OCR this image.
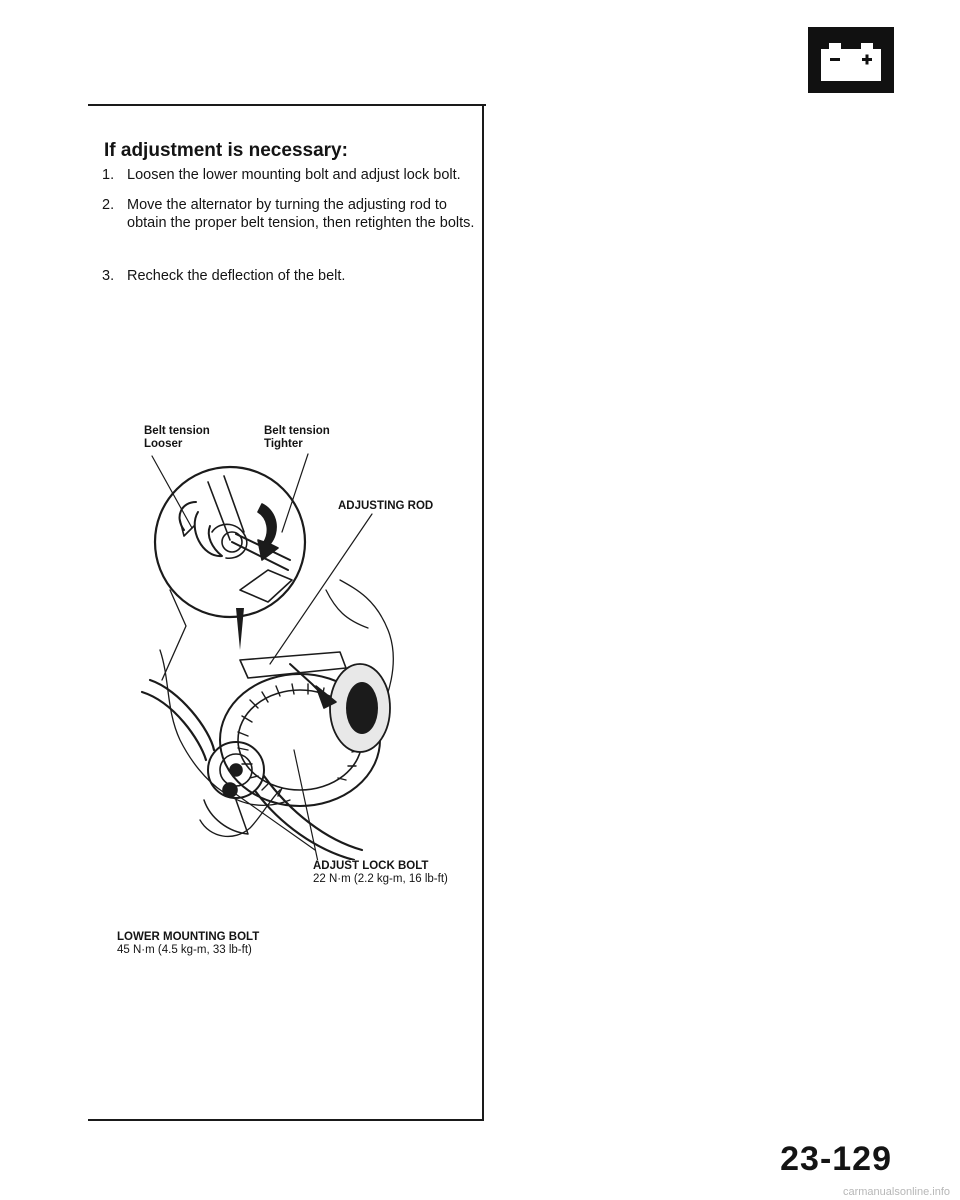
If adjustment is necessary:
1. Loosen the lower mounting bolt and adjust lock bolt.
2. Move the alternator by turning the adjusting rod to obtain the proper belt tension, then retighten the bolts.
3. Recheck the deflection of the belt.
Belt tension
Looser
Belt tension
Tighter
ADJUSTING ROD
ADJUST LOCK BOLT
22 N·m (2.2 kg-m, 16 lb-ft)
LOWER MOUNTING BOLT
45 N·m (4.5 kg-m, 33 lb-ft)
23-129
carmanualsonline.info
